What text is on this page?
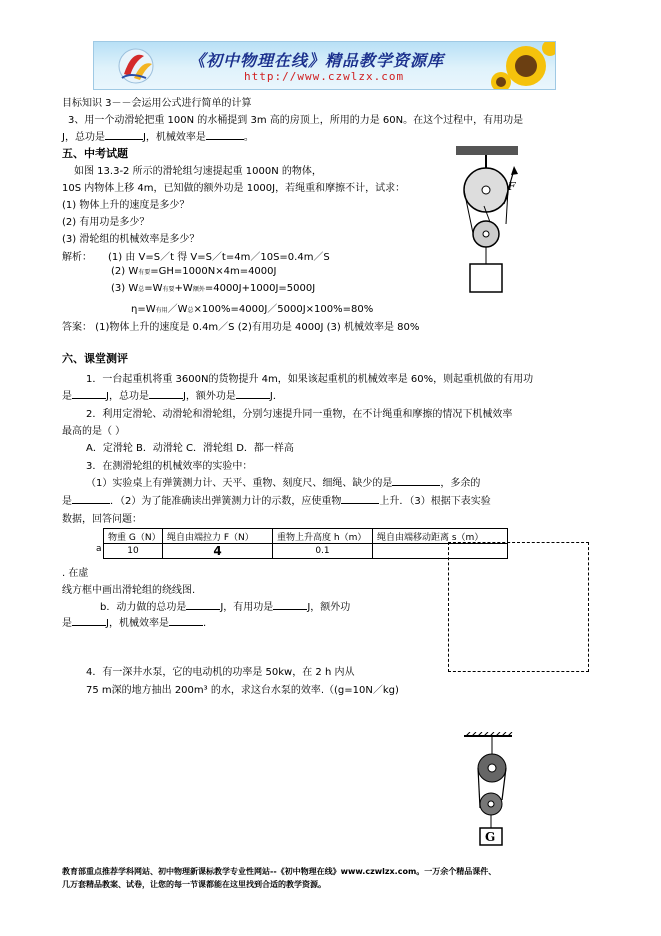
《初中物理在线》精品教学资源库
http://www.czwlzx.com
目标知识 3－－会运用公式进行简单的计算
3、用一个动滑轮把重 100N 的水桶提到 3m 高的房顶上，所用的力是 60N。在这个过程中，有用功是
J，总功是	J，机械效率是	。
五、中考试题
如图 13.3-2 所示的滑轮组匀速提起重 1000N 的物体，
10S 内物体上移 4m，已知做的额外功是 1000J，若绳重和摩擦不计，试求：
(1) 物体上升的速度是多少？
(2) 有用功是多少？
(3) 滑轮组的机械效率是多少？
解析： (1) 由 V=S／t 得 V=S／t=4m／10S=0.4m／S
(2) W有要=GH=1000N×4m=4000J
(3) W总=W有要+W额外=4000J+1000J=5000J
η=W有用／W总×100%=4000J／5000J×100%=80%
答案： (1)物体上升的速度是 0.4m／S (2)有用功是 4000J (3) 机械效率是 80%
F
六、课堂测评
1．一台起重机将重 3600N的货物提升 4m，如果该起重机的机械效率是 60%，则起重机做的有用功
是	J，总功是	J，额外功是	J．
2．利用定滑轮、动滑轮和滑轮组，分别匀速提升同一重物，在不计绳重和摩擦的情况下机械效率
最高的是（ ）
A．定滑轮 B．动滑轮 C．滑轮组 D．都一样高
3．在测滑轮组的机械效率的实验中：
（1）实验桌上有弹簧测力计、天平、重物、刻度尺、细绳、缺少的是	，多余的
是	．（2）为了能准确读出弹簧测力计的示数，应使重物	上升．（3）根据下表实验
数据，回答问题：
a
物重 G（N）	绳自由端拉力 F（N）	重物上升高度 h（m）	绳自由端移动距离 s（m）
10	4	0.1	
. 在虚
线方框中画出滑轮组的绕线图.
b．动力做的总功是	J，有用功是	J，额外功
是	J，机械效率是	.
4．有一深井水泵，它的电动机的功率是 50kw，在 2 h 内从
75 m深的地方抽出 200m³ 的水，求这台水泵的效率.（(g=10N／kg)
G
教育部重点推荐学科网站、初中物理新课标教学专业性网站--《初中物理在线》www.czwlzx.com。一万余个精品课件、
几万套精品教案、试卷，让您的每一节课都能在这里找到合适的教学资源。
